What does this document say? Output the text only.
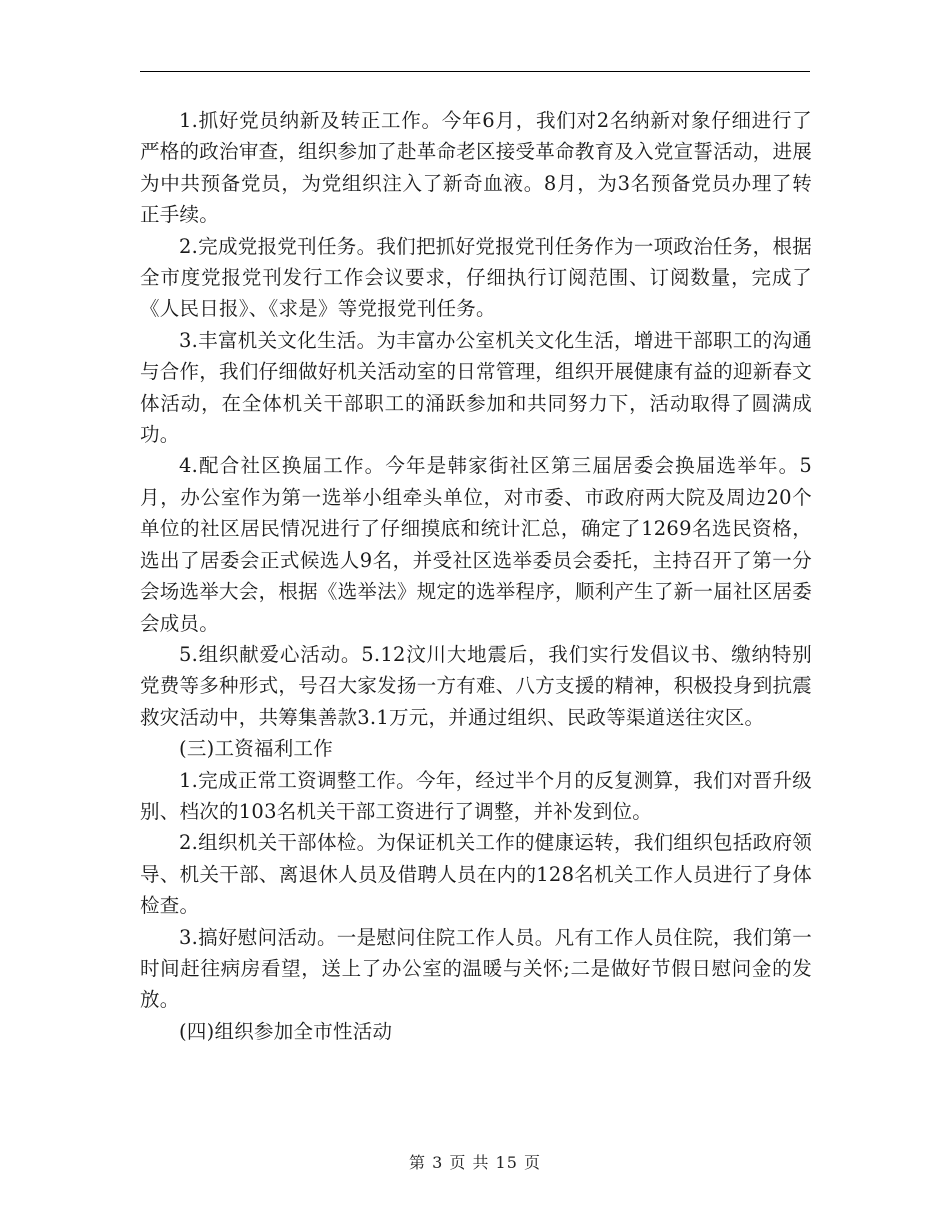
1.抓好党员纳新及转正工作。今年6月，我们对2名纳新对象仔细进行了严格的政治审查，组织参加了赴革命老区接受革命教育及入党宣誓活动，进展为中共预备党员，为党组织注入了新奇血液。8月，为3名预备党员办理了转正手续。

2.完成党报党刊任务。我们把抓好党报党刊任务作为一项政治任务，根据全市度党报党刊发行工作会议要求，仔细执行订阅范围、订阅数量，完成了《人民日报》、《求是》等党报党刊任务。

3.丰富机关文化生活。为丰富办公室机关文化生活，增进干部职工的沟通与合作，我们仔细做好机关活动室的日常管理，组织开展健康有益的迎新春文体活动，在全体机关干部职工的涌跃参加和共同努力下，活动取得了圆满成功。

4.配合社区换届工作。今年是韩家街社区第三届居委会换届选举年。5月，办公室作为第一选举小组牵头单位，对市委、市政府两大院及周边20个单位的社区居民情况进行了仔细摸底和统计汇总，确定了1269名选民资格，选出了居委会正式候选人9名，并受社区选举委员会委托，主持召开了第一分会场选举大会，根据《选举法》规定的选举程序，顺利产生了新一届社区居委会成员。

5.组织献爱心活动。5.12汶川大地震后，我们实行发倡议书、缴纳特别党费等多种形式，号召大家发扬一方有难、八方支援的精神，积极投身到抗震救灾活动中，共筹集善款3.1万元，并通过组织、民政等渠道送往灾区。

(三)工资福利工作

1.完成正常工资调整工作。今年，经过半个月的反复测算，我们对晋升级别、档次的103名机关干部工资进行了调整，并补发到位。

2.组织机关干部体检。为保证机关工作的健康运转，我们组织包括政府领导、机关干部、离退休人员及借聘人员在内的128名机关工作人员进行了身体检查。

3.搞好慰问活动。一是慰问住院工作人员。凡有工作人员住院，我们第一时间赶往病房看望，送上了办公室的温暖与关怀;二是做好节假日慰问金的发放。

(四)组织参加全市性活动

第 3 页 共 15 页
